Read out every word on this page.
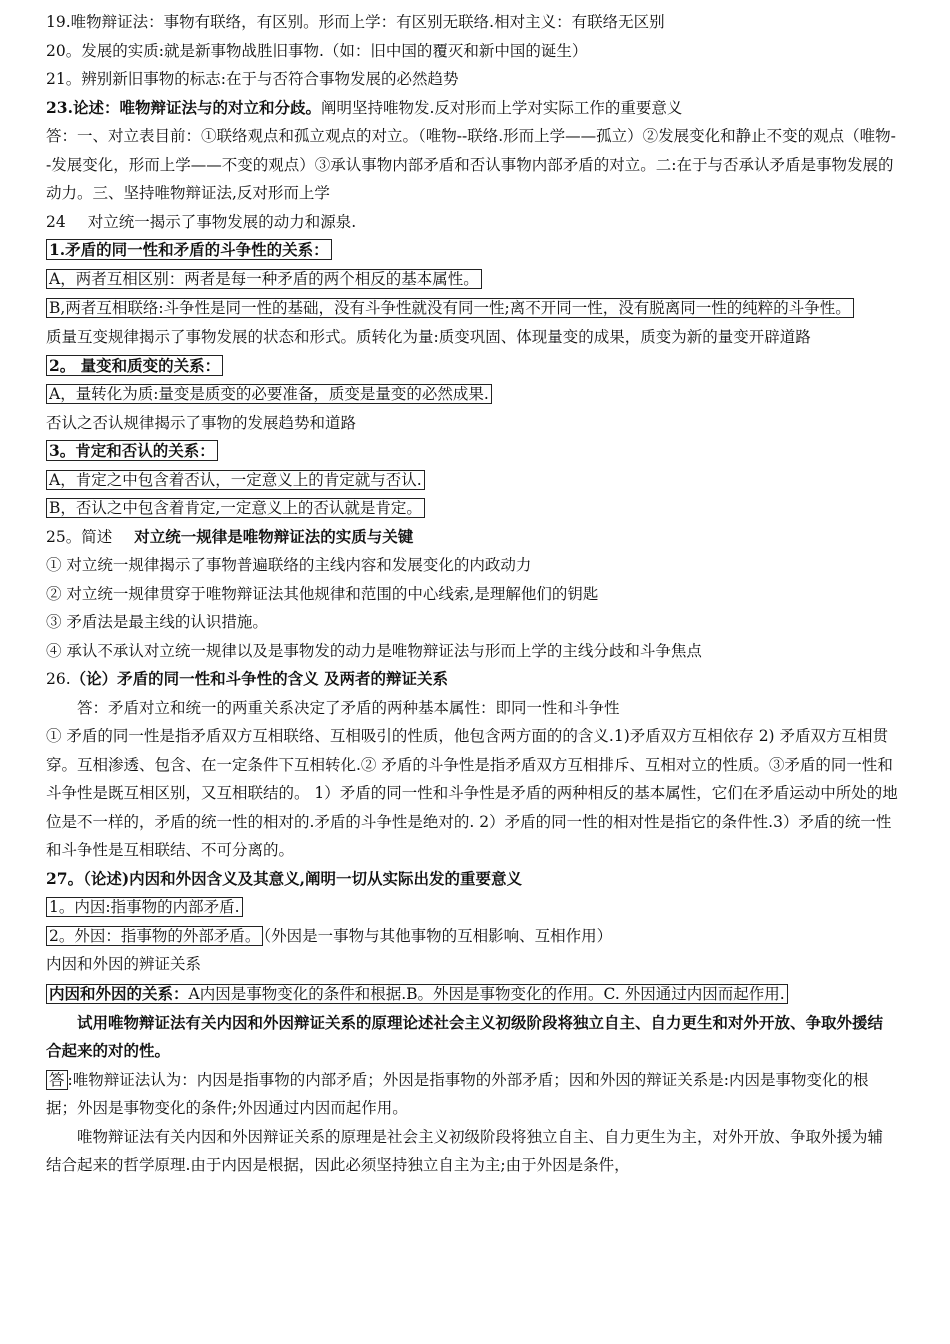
19.唯物辩证法：事物有联络，有区别。形而上学：有区别无联络.相对主义：有联络无区别

20。发展的实质:就是新事物战胜旧事物.（如：旧中国的覆灭和新中国的诞生）

21。辨别新旧事物的标志:在于与否符合事物发展的必然趋势

23.论述：唯物辩证法与的对立和分歧。阐明坚持唯物发.反对形而上学对实际工作的重要意义

答：一、对立表目前：①联络观点和孤立观点的对立。（唯物--联络.形而上学——孤立）②发展变化和静止不变的观点（唯物--发展变化，形而上学——不变的观点）③承认事物内部矛盾和否认事物内部矛盾的对立。二:在于与否承认矛盾是事物发展的动力。三、坚持唯物辩证法,反对形而上学

24 对立统一揭示了事物发展的动力和源泉.

1.矛盾的同一性和矛盾的斗争性的关系：

A，两者互相区别：两者是每一种矛盾的两个相反的基本属性。

B,两者互相联络:斗争性是同一性的基础，没有斗争性就没有同一性;离不开同一性，没有脱离同一性的纯粹的斗争性。

质量互变规律揭示了事物发展的状态和形式。质转化为量:质变巩固、体现量变的成果，质变为新的量变开辟道路

2。 量变和质变的关系：

A，量转化为质:量变是质变的必要准备，质变是量变的必然成果.

否认之否认规律揭示了事物的发展趋势和道路

3。肯定和否认的关系：

A，肯定之中包含着否认，一定意义上的肯定就与否认.

B，否认之中包含着肯定,一定意义上的否认就是肯定。

25。简述 对立统一规律是唯物辩证法的实质与关键

① 对立统一规律揭示了事物普遍联络的主线内容和发展变化的内政动力

② 对立统一规律贯穿于唯物辩证法其他规律和范围的中心线索,是理解他们的钥匙

③ 矛盾法是最主线的认识措施。

④ 承认不承认对立统一规律以及是事物发的动力是唯物辩证法与形而上学的主线分歧和斗争焦点

26.（论）矛盾的同一性和斗争性的含义 及两者的辩证关系

答：矛盾对立和统一的两重关系决定了矛盾的两种基本属性：即同一性和斗争性

① 矛盾的同一性是指矛盾双方互相联络、互相吸引的性质，他包含两方面的的含义.1)矛盾双方互相依存 2) 矛盾双方互相贯穿。互相渗透、包含、在一定条件下互相转化.② 矛盾的斗争性是指矛盾双方互相排斥、互相对立的性质。③矛盾的同一性和斗争性是既互相区别，又互相联结的。 1）矛盾的同一性和斗争性是矛盾的两种相反的基本属性，它们在矛盾运动中所处的地位是不一样的，矛盾的统一性的相对的.矛盾的斗争性是绝对的. 2）矛盾的同一性的相对性是指它的条件性.3）矛盾的统一性和斗争性是互相联结、不可分离的。

27。（论述)内因和外因含义及其意义,阐明一切从实际出发的重要意义

1。内因:指事物的内部矛盾.

2。外因：指事物的外部矛盾。 （外因是一事物与其他事物的互相影响、互相作用）

内因和外因的辨证关系

内因和外因的关系：A内因是事物变化的条件和根据.B。外因是事物变化的作用。C. 外因通过内因而起作用.

试用唯物辩证法有关内因和外因辩证关系的原理论述社会主义初级阶段将独立自主、自力更生和对外开放、争取外援结合起来的对的性。

答 :唯物辩证法认为：内因是指事物的内部矛盾；外因是指事物的外部矛盾；因和外因的辩证关系是:内因是事物变化的根据；外因是事物变化的条件;外因通过内因而起作用。

唯物辩证法有关内因和外因辩证关系的原理是社会主义初级阶段将独立自主、自力更生为主，对外开放、争取外援为辅结合起来的哲学原理.由于内因是根据，因此必须坚持独立自主为主;由于外因是条件，
